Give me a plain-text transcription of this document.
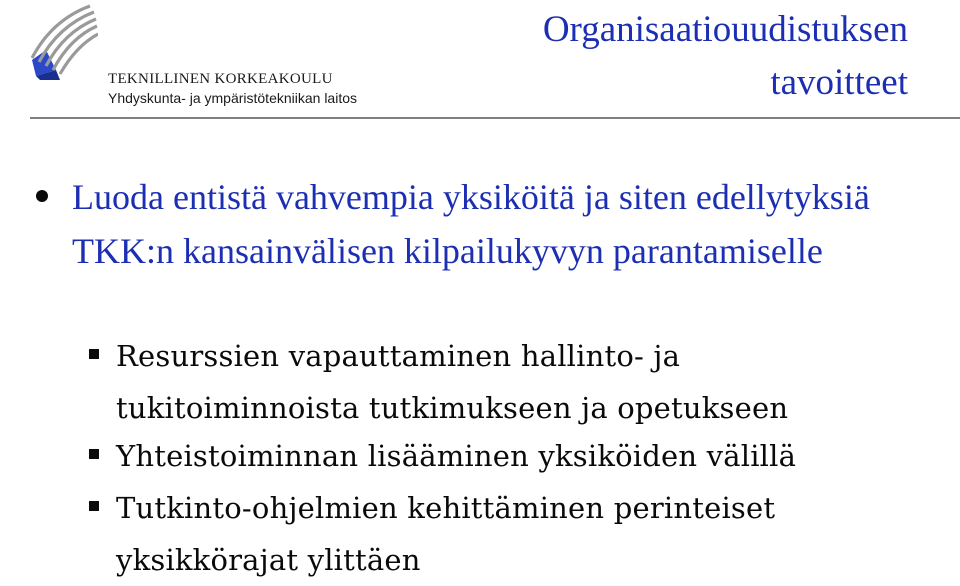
TEKNILLINEN KORKEAKOULU

Yhdyskunta- ja ympäristötekniikan laitos

Organisaatiouudistuksen
tavoitteet
Luoda entistä vahvempia yksiköitä ja siten edellytyksiä TKK:n kansainvälisen kilpailukyvyn parantamiselle
Resurssien vapauttaminen hallinto- ja tukitoiminnoista tutkimukseen ja opetukseen
Yhteistoiminnan lisääminen yksiköiden välillä
Tutkinto-ohjelmien kehittäminen perinteiset yksikkörajat ylittäen
